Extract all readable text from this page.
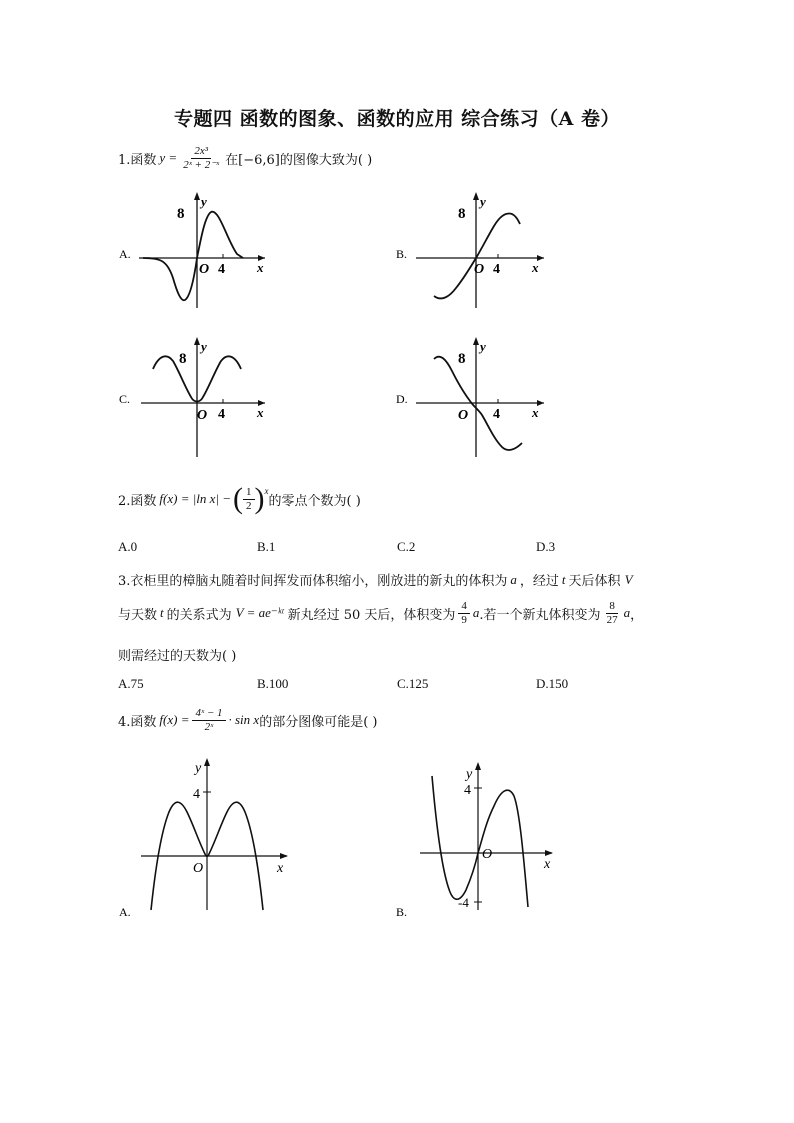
专题四 函数的图象、函数的应用 综合练习（A 卷）
1.函数 $y = \frac{\text{2x³}}{\text{2ˣ + 2⁻ˣ}}$ 在[−6,6]的图像大致为( )
A.
8
y
O 4 x
B.
8
y
O 4 x
C.
8
y
O 4 x
D.
8
y
O 4 x
2.函数 f(x) = |ln x| − ( $\frac{1}{2}$ ) x
的零点个数为( )
A.0	B.1	C.2	D.3
3.衣柜里的樟脑丸随着时间挥发而体积缩小，刚放进的新丸的体积为 a ，经过 t 天后体积 V
与天数 t 的关系式为 V = ae⁻ᵏᵗ 新丸经过 50 天后，体积变为 $\frac{4}{9}$ a .若一个新丸体积变为 $\frac{8}{27}$ a ，
则需经过的天数为( )
A.75	B.100	C.125	D.150
4.函数 $f(x) = \frac{\text{4ˣ − 1}}{\text{2ˣ}} \cdot \sin x$ 的部分图像可能是( )
A.
4
y
O	x
B.
4
-4
y
O
x
